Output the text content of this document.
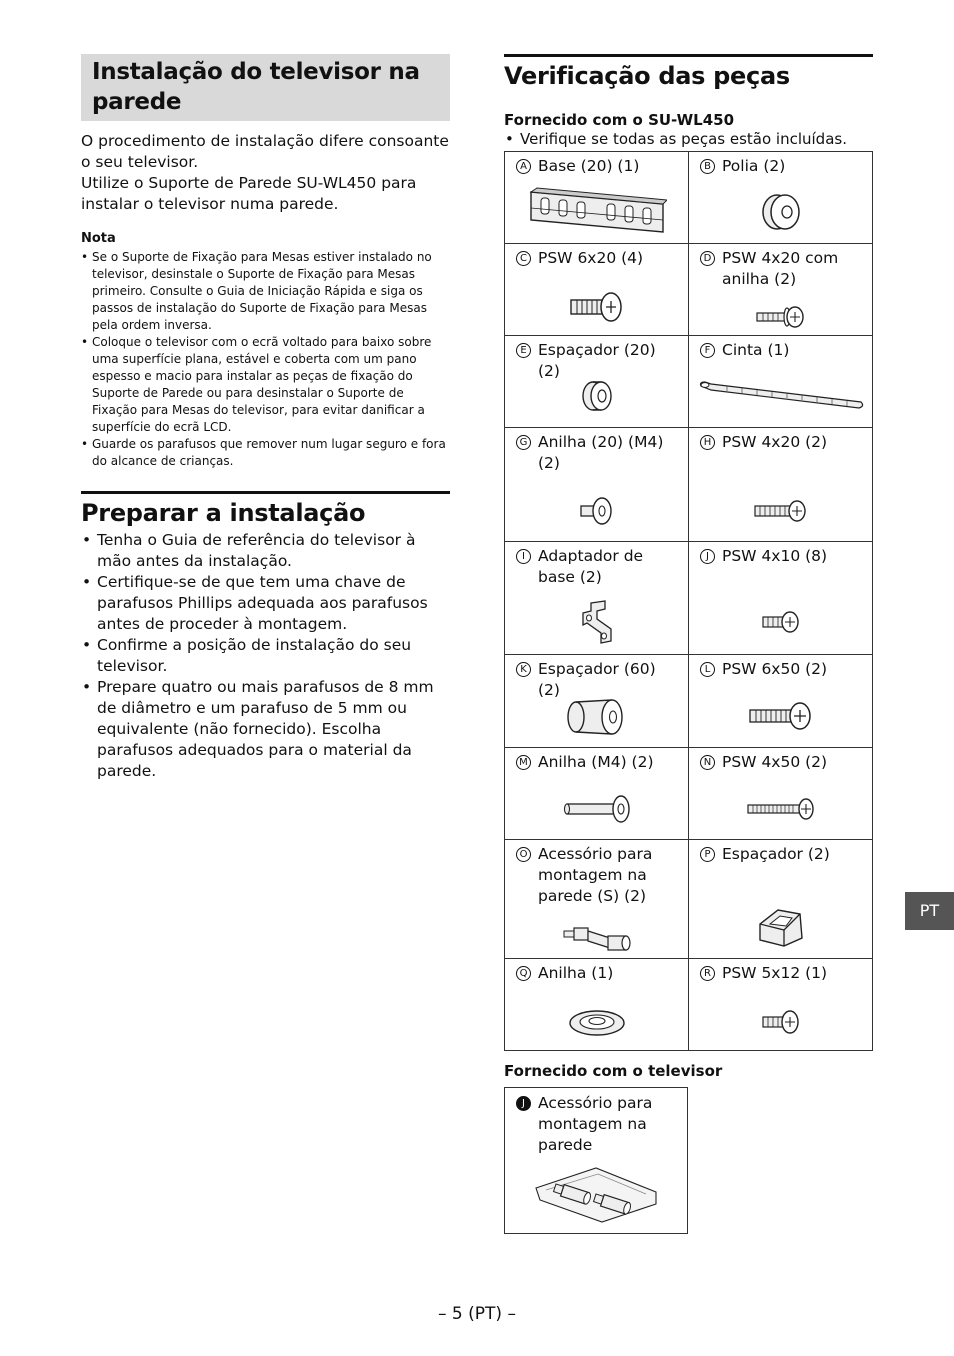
Instalação do televisor na parede

O procedimento de instalação difere consoante o seu televisor.

Utilize o Suporte de Parede SU-WL450 para instalar o televisor numa parede.

Nota
• Se o Suporte de Fixação para Mesas estiver instalado no televisor, desinstale o Suporte de Fixação para Mesas primeiro. Consulte o Guia de Iniciação Rápida e siga os passos de instalação do Suporte de Fixação para Mesas pela ordem inversa.
• Coloque o televisor com o ecrã voltado para baixo sobre uma superfície plana, estável e coberta com um pano espesso e macio para instalar as peças de fixação do Suporte de Parede ou para desinstalar o Suporte de Fixação para Mesas do televisor, para evitar danificar a superfície do ecrã LCD.
• Guarde os parafusos que remover num lugar seguro e fora do alcance de crianças.
Preparar a instalação
• Tenha o Guia de referência do televisor à mão antes da instalação.
• Certifique-se de que tem uma chave de parafusos Phillips adequada aos parafusos antes de proceder à montagem.
• Confirme a posição de instalação do seu televisor.
• Prepare quatro ou mais parafusos de 8 mm de diâmetro e um parafuso de 5 mm ou equivalente (não fornecido). Escolha parafusos adequados para o material da parede.
Verificação das peças
Fornecido com o SU-WL450
• Verifique se todas as peças estão incluídas.
A Base (20) (1)	B Polia (2)

C PSW 6x20 (4)	D PSW 4x20 com anilha (2)

E Espaçador (20) (2)	F Cinta (1)

G Anilha (20) (M4) (2)	H PSW 4x20 (2)

I Adaptador de base (2)	J PSW 4x10 (8)

K Espaçador (60) (2)	L PSW 6x50 (2)

M Anilha (M4) (2)	N PSW 4x50 (2)

O Acessório para montagem na parede (S) (2)	P Espaçador (2)

Q Anilha (1)	R PSW 5x12 (1)
Fornecido com o televisor
J Acessório para montagem na parede
PT
– 5 (PT) –
